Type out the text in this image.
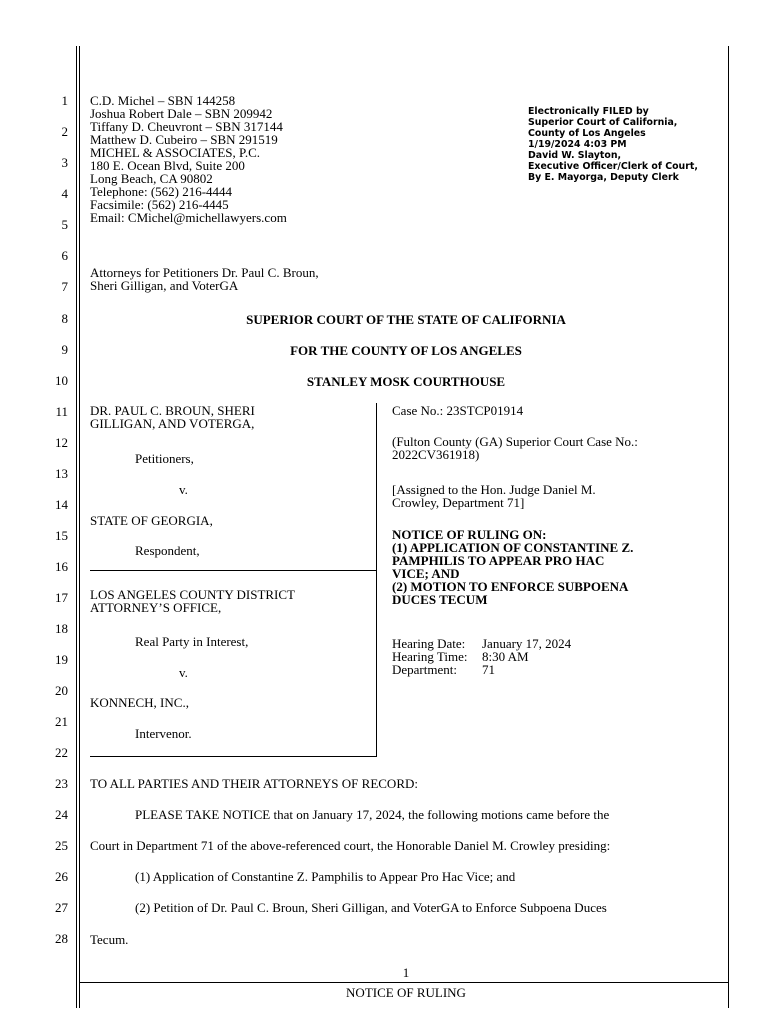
1
2
3
4
5
6
7
8
9
10
11
12
13
14
15
16
17
18
19
20
21
22
23
24
25
26
27
28
C.D. Michel – SBN 144258
Joshua Robert Dale – SBN 209942
Tiffany D. Cheuvront – SBN 317144
Matthew D. Cubeiro – SBN 291519
MICHEL & ASSOCIATES, P.C.
180 E. Ocean Blvd, Suite 200
Long Beach, CA 90802
Telephone: (562) 216-4444
Facsimile: (562) 216-4445
Email: CMichel@michellawyers.com
Attorneys for Petitioners Dr. Paul C. Broun,
Sheri Gilligan, and VoterGA
Electronically FILED by
Superior Court of California,
County of Los Angeles
1/19/2024 4:03 PM
David W. Slayton,
Executive Officer/Clerk of Court,
By E. Mayorga, Deputy Clerk
SUPERIOR COURT OF THE STATE OF CALIFORNIA
FOR THE COUNTY OF LOS ANGELES
STANLEY MOSK COURTHOUSE
DR. PAUL C. BROUN, SHERI
GILLIGAN, AND VOTERGA,
Petitioners,
v.
STATE OF GEORGIA,
Respondent,
LOS ANGELES COUNTY DISTRICT
ATTORNEY’S OFFICE,
Real Party in Interest,
v.
KONNECH, INC.,
Intervenor.
Case No.: 23STCP01914
(Fulton County (GA) Superior Court Case No.:
2022CV361918)
[Assigned to the Hon. Judge Daniel M.
Crowley, Department 71]
NOTICE OF RULING ON:
(1) APPLICATION OF CONSTANTINE Z.
PAMPHILIS TO APPEAR PRO HAC
VICE; AND
(2) MOTION TO ENFORCE SUBPOENA
DUCES TECUM
Hearing Date: January 17, 2024
Hearing Time: 8:30 AM
Department: 71
TO ALL PARTIES AND THEIR ATTORNEYS OF RECORD:
PLEASE TAKE NOTICE that on January 17, 2024, the following motions came before the
Court in Department 71 of the above-referenced court, the Honorable Daniel M. Crowley presiding:
(1) Application of Constantine Z. Pamphilis to Appear Pro Hac Vice; and
(2) Petition of Dr. Paul C. Broun, Sheri Gilligan, and VoterGA to Enforce Subpoena Duces
Tecum.
1
NOTICE OF RULING
